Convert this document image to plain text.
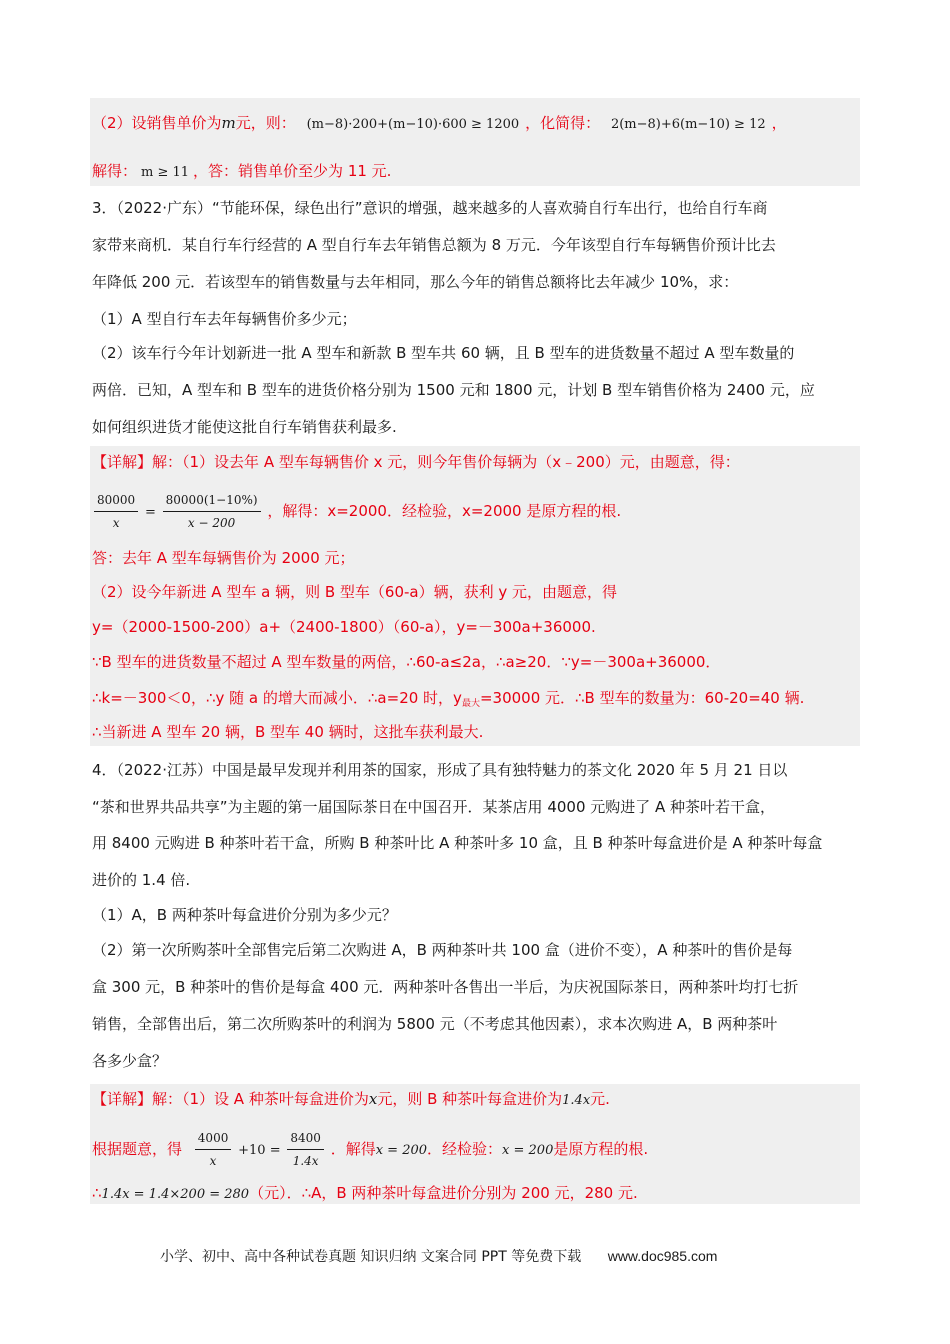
（2）设销售单价为m元，则： (m−8)·200+(m−10)·600 ≥ 1200 ，化简得： 2(m−8)+6(m−10) ≥ 12 ，
解得： m ≥ 11 ，答：销售单价至少为 11 元.
3．（2022·广东）“节能环保，绿色出行”意识的增强，越来越多的人喜欢骑自行车出行，也给自行车商
家带来商机．某自行车行经营的 A 型自行车去年销售总额为 8 万元．今年该型自行车每辆售价预计比去
年降低 200 元．若该型车的销售数量与去年相同，那么今年的销售总额将比去年减少 10%，求：
（1）A 型自行车去年每辆售价多少元；
（2）该车行今年计划新进一批 A 型车和新款 B 型车共 60 辆，且 B 型车的进货数量不超过 A 型车数量的
两倍．已知，A 型车和 B 型车的进货价格分别为 1500 元和 1800 元，计划 B 型车销售价格为 2400 元，应
如何组织进货才能使这批自行车销售获利最多.
【详解】解：（1）设去年 A 型车每辆售价 x 元，则今年售价每辆为（x﹣200）元，由题意，得：
$\frac{80000}{x} = \frac{80000(1-10\%)}{x - 200}$ ，解得：x=2000．经检验，x=2000 是原方程的根.
答：去年 A 型车每辆售价为 2000 元；
（2）设今年新进 A 型车 a 辆，则 B 型车（60-a）辆，获利 y 元，由题意，得
y=（2000-1500-200）a+（2400-1800）（60-a），y=－300a+36000.
∵B 型车的进货数量不超过 A 型车数量的两倍，∴60-a≤2a，∴a≥20．∵y=－300a+36000．
∴k=－300＜0，∴y 随 a 的增大而减小．∴a=20 时，$y_{最大}=30000$ 元．∴B 型车的数量为：60-20=40 辆.
∴当新进 A 型车 20 辆，B 型车 40 辆时，这批车获利最大.
4．（2022·江苏）中国是最早发现并利用茶的国家，形成了具有独特魅力的茶文化 2020 年 5 月 21 日以
“茶和世界共品共享”为主题的第一届国际茶日在中国召开．某茶店用 4000 元购进了 A 种茶叶若干盒，
用 8400 元购进 B 种茶叶若干盒，所购 B 种茶叶比 A 种茶叶多 10 盒，且 B 种茶叶每盒进价是 A 种茶叶每盒
进价的 1.4 倍.
（1）A，B 两种茶叶每盒进价分别为多少元？
（2）第一次所购茶叶全部售完后第二次购进 A，B 两种茶叶共 100 盒（进价不变），A 种茶叶的售价是每
盒 300 元，B 种茶叶的售价是每盒 400 元．两种茶叶各售出一半后，为庆祝国际茶日，两种茶叶均打七折
销售，全部售出后，第二次所购茶叶的利润为 5800 元（不考虑其他因素），求本次购进 A，B 两种茶叶
各多少盒？
【详解】解：（1）设 A 种茶叶每盒进价为x元，则 B 种茶叶每盒进价为1.4x元.
根据题意，得 $\frac{4000}{x} +10 = \frac{8400}{1.4x}$ ．解得x = 200．经检验：x = 200是原方程的根.
∴1.4x = 1.4×200 = 280（元）．∴A，B 两种茶叶每盒进价分别为 200 元，280 元.
小学、初中、高中各种试卷真题 知识归纳 文案合同 PPT 等免费下载 www.doc985.com
